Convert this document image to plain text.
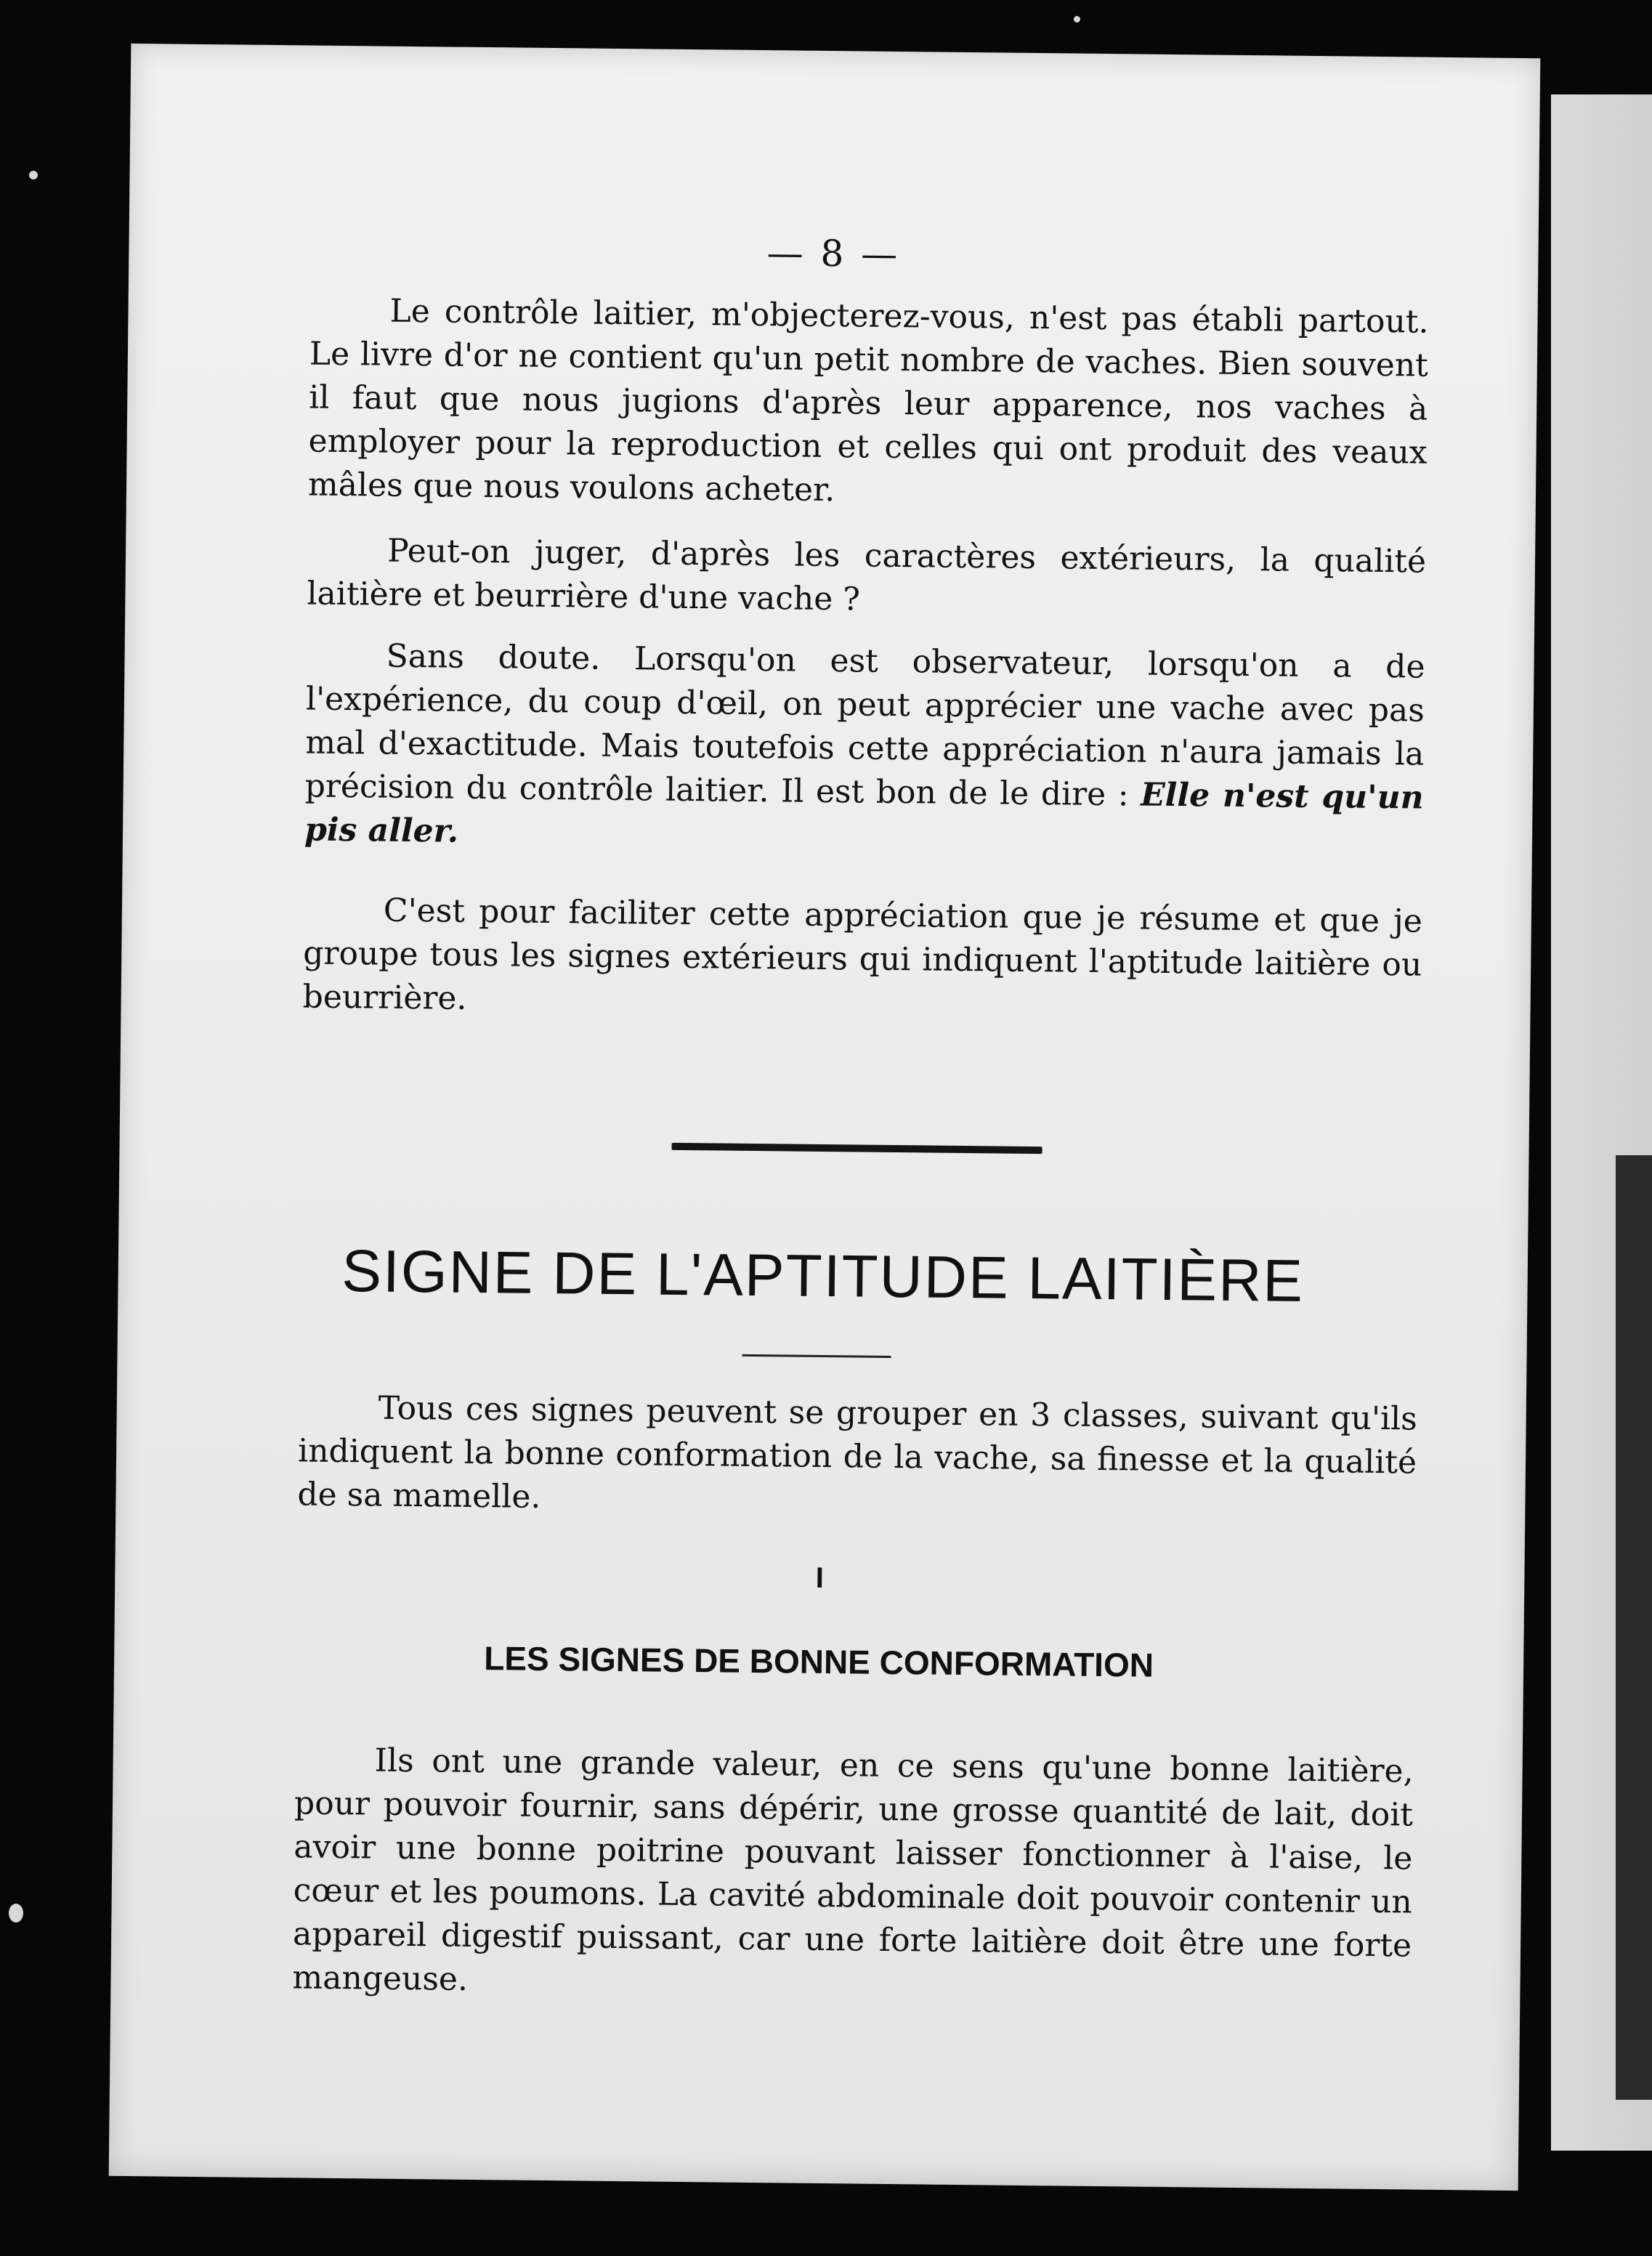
— 8 —

Le contrôle laitier, m'objecterez-vous, n'est pas établi partout. Le livre d'or ne contient qu'un petit nombre de vaches. Bien souvent il faut que nous jugions d'après leur apparence, nos vaches à employer pour la reproduction et celles qui ont produit des veaux mâles que nous voulons acheter.

Peut-on juger, d'après les caractères extérieurs, la qualité laitière et beurrière d'une vache ?

Sans doute. Lorsqu'on est observateur, lorsqu'on a de l'expérience, du coup d'œil, on peut apprécier une vache avec pas mal d'exactitude. Mais toutefois cette appréciation n'aura jamais la précision du contrôle laitier. Il est bon de le dire : Elle n'est qu'un pis aller.

C'est pour faciliter cette appréciation que je résume et que je groupe tous les signes extérieurs qui indiquent l'aptitude laitière ou beurrière.

SIGNE DE L'APTITUDE LAITIÈRE

Tous ces signes peuvent se grouper en 3 classes, suivant qu'ils indiquent la bonne conformation de la vache, sa finesse et la qualité de sa mamelle.

I
LES SIGNES DE BONNE CONFORMATION

Ils ont une grande valeur, en ce sens qu'une bonne laitière, pour pouvoir fournir, sans dépérir, une grosse quantité de lait, doit avoir une bonne poitrine pouvant laisser fonctionner à l'aise, le cœur et les poumons. La cavité abdominale doit pouvoir contenir un appareil digestif puissant, car une forte laitière doit être une forte mangeuse.
